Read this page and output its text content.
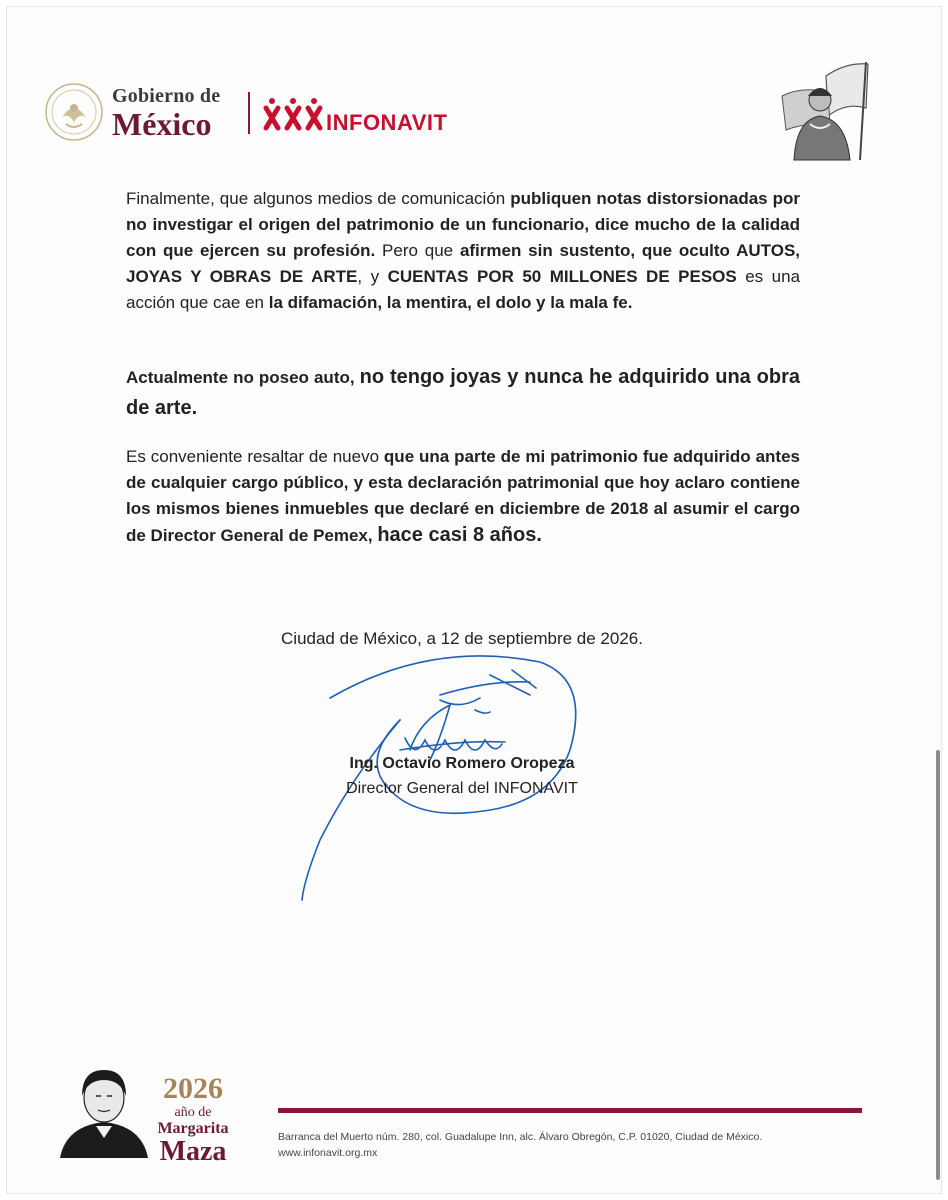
Gobierno de
México	INFONAVIT
Finalmente, que algunos medios de comunicación publiquen notas distorsionadas por no investigar el origen del patrimonio de un funcionario, dice mucho de la calidad con que ejercen su profesión. Pero que afirmen sin sustento, que oculto AUTOS, JOYAS Y OBRAS DE ARTE, y CUENTAS POR 50 MILLONES DE PESOS es una acción que cae en la difamación, la mentira, el dolo y la mala fe.
Actualmente no poseo auto, no tengo joyas y nunca he adquirido una obra de arte.
Es conveniente resaltar de nuevo que una parte de mi patrimonio fue adquirido antes de cualquier cargo público, y esta declaración patrimonial que hoy aclaro contiene los mismos bienes inmuebles que declaré en diciembre de 2018 al asumir el cargo de Director General de Pemex, hace casi 8 años.
Ciudad de México, a 12 de septiembre de 2026.
Ing. Octavio Romero Oropeza
Director General del INFONAVIT
2026
año de
Margarita
Maza	Barranca del Muerto núm. 280, col. Guadalupe Inn, alc. Álvaro Obregón, C.P. 01020, Ciudad de México.
www.infonavit.org.mx
